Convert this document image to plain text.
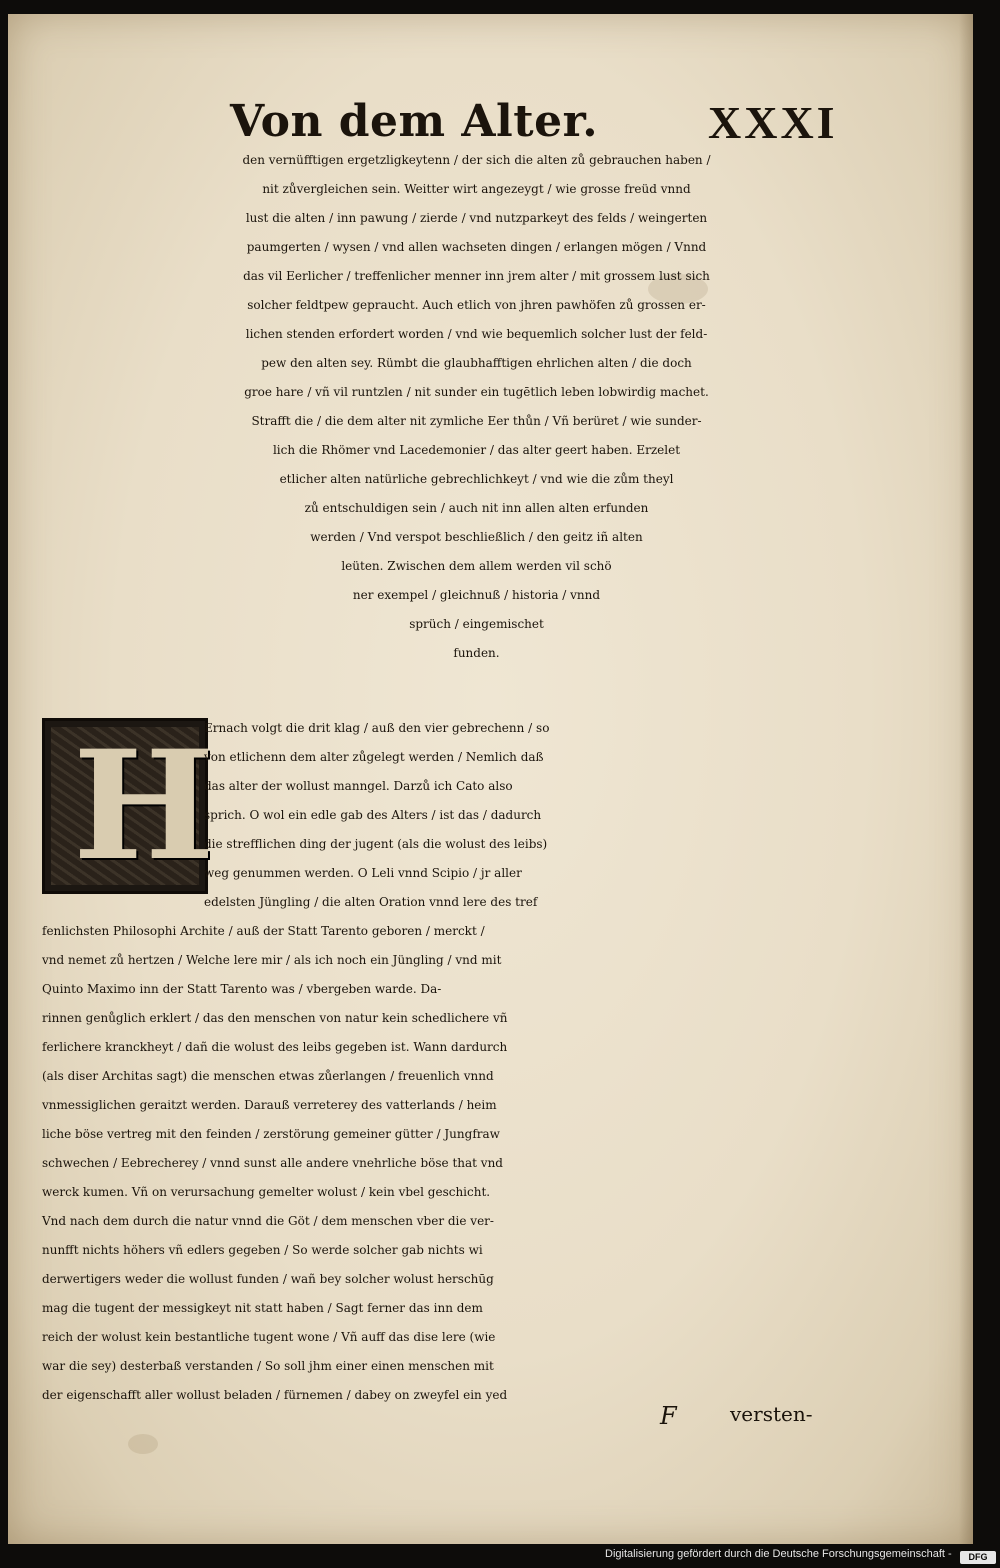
Von dem Alter. XXXI
den vernüfftigen ergetzligkeytenn / der sich die alten zů gebrauchen haben /
nit zůvergleichen sein. Weitter wirt angezeygt / wie grosse freüd vnnd
lust die alten / inn pawung / zierde / vnd nutzparkeyt des felds / weingerten
paumgerten / wysen / vnd allen wachseten dingen / erlangen mögen / Vnnd
das vil Eerlicher / treffenlicher menner inn jrem alter / mit grossem lust sich
solcher feldtpew gepraucht. Auch etlich von jhren pawhöfen zů grossen er-
lichen stenden erfordert worden / vnd wie bequemlich solcher lust der feld-
pew den alten sey. Rümbt die glaubhafftigen ehrlichen alten / die doch
groe hare / vñ vil runtzlen / nit sunder ein tugētlich leben lobwirdig machet.
Strafft die / die dem alter nit zymliche Eer thůn / Vñ berüret / wie sunder-
lich die Rhömer vnd Lacedemonier / das alter geert haben. Erzelet
etlicher alten natürliche gebrechlichkeyt / vnd wie die zům theyl
zů entschuldigen sein / auch nit inn allen alten erfunden
werden / Vnd verspot beschließlich / den geitz iñ alten
leüten. Zwischen dem allem werden vil schö
ner exempel / gleichnuß / historia / vnnd
sprüch / eingemischet
funden.
H
Ernach volgt die drit klag / auß den vier gebrechenn / so
von etlichenn dem alter zůgelegt werden / Nemlich daß
das alter der wollust manngel. Darzů ich Cato also
sprich. O wol ein edle gab des Alters / ist das / dadurch
die strefflichen ding der jugent (als die wolust des leibs)
weg genummen werden. O Leli vnnd Scipio / jr aller
edelsten Jüngling / die alten Oration vnnd lere des tref
fenlichsten Philosophi Archite / auß der Statt Tarento geboren / merckt /
vnd nemet zů hertzen / Welche lere mir / als ich noch ein Jüngling / vnd mit
Quinto Maximo inn der Statt Tarento was / vbergeben warde. Da-
rinnen genůglich erklert / das den menschen von natur kein schedlichere vñ
ferlichere kranckheyt / dañ die wolust des leibs gegeben ist. Wann dardurch
(als diser Architas sagt) die menschen etwas zůerlangen / freuenlich vnnd
vnmessiglichen geraitzt werden. Darauß verreterey des vatterlands / heim
liche böse vertreg mit den feinden / zerstörung gemeiner gütter / Jungfraw
schwechen / Eebrecherey / vnnd sunst alle andere vnehrliche böse that vnd
werck kumen. Vñ on verursachung gemelter wolust / kein vbel geschicht.
Vnd nach dem durch die natur vnnd die Göt / dem menschen vber die ver-
nunfft nichts höhers vñ edlers gegeben / So werde solcher gab nichts wi
derwertigers weder die wollust funden / wañ bey solcher wolust herschūg
mag die tugent der messigkeyt nit statt haben / Sagt ferner das inn dem
reich der wolust kein bestantliche tugent wone / Vñ auff das dise lere (wie
war die sey) desterbaß verstanden / So soll jhm einer einen menschen mit
der eigenschafft aller wollust beladen / fürnemen / dabey on zweyfel ein yed
F	versten-
Digitalisierung gefördert durch die Deutsche Forschungsgemeinschaft -	DFG
